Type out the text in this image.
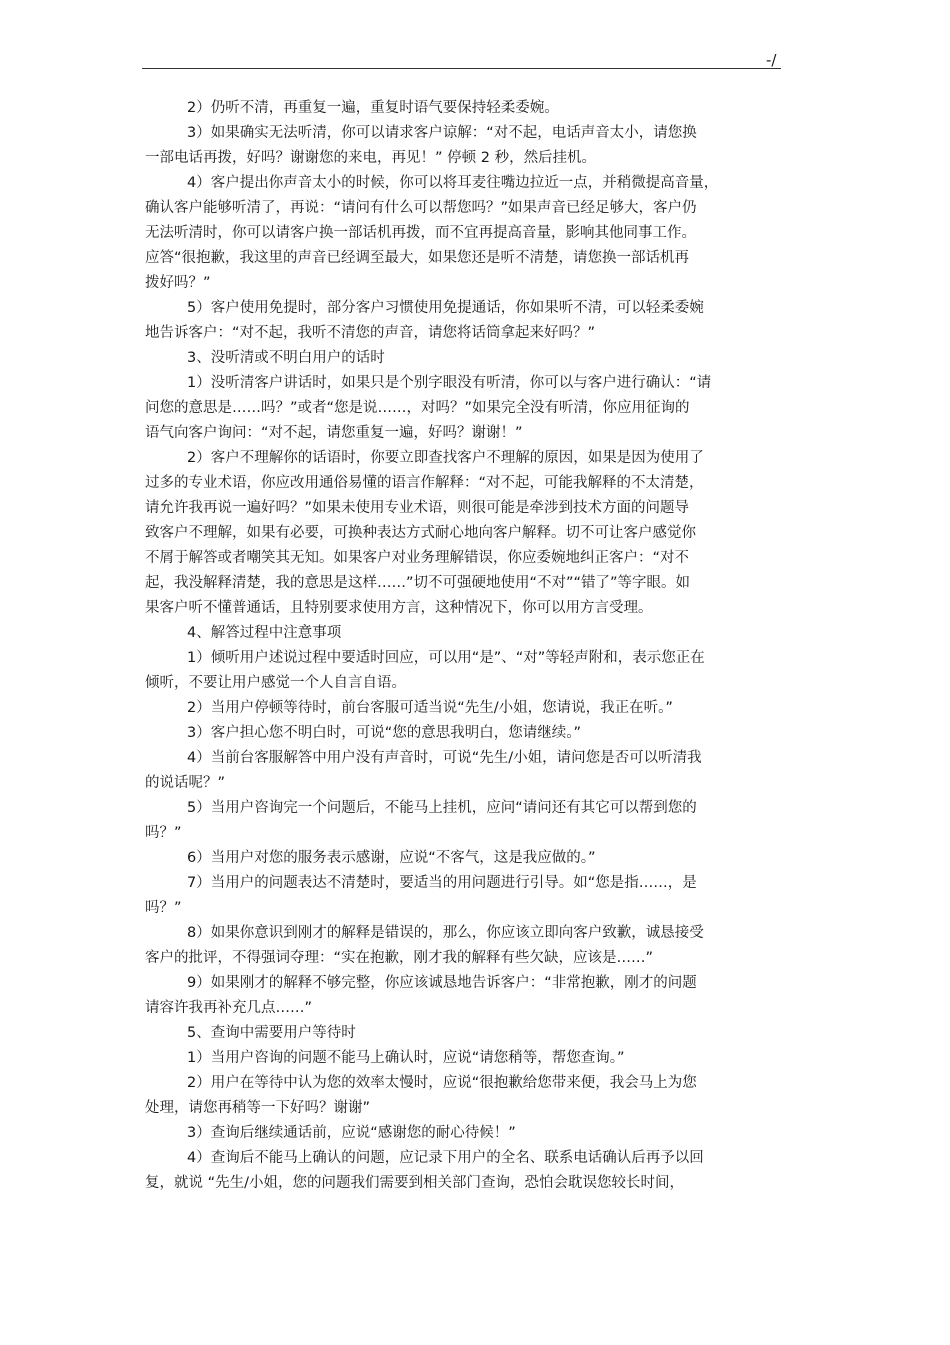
-/
2）仍听不清，再重复一遍，重复时语气要保持轻柔委婉。
3）如果确实无法听清，你可以请求客户谅解：“对不起，电话声音太小，请您换
一部电话再拨，好吗？谢谢您的来电，再见！” 停顿 2 秒，然后挂机。
4）客户提出你声音太小的时候，你可以将耳麦往嘴边拉近一点，并稍微提高音量，
确认客户能够听清了，再说：“请问有什么可以帮您吗？”如果声音已经足够大，客户仍
无法听清时，你可以请客户换一部话机再拨，而不宜再提高音量，影响其他同事工作。
应答“很抱歉，我这里的声音已经调至最大，如果您还是听不清楚，请您换一部话机再
拨好吗？”
5）客户使用免提时，部分客户习惯使用免提通话，你如果听不清，可以轻柔委婉
地告诉客户：“对不起，我听不清您的声音，请您将话筒拿起来好吗？”
3、没听清或不明白用户的话时
1）没听清客户讲话时，如果只是个别字眼没有听清，你可以与客户进行确认：“请
问您的意思是……吗？”或者“您是说……，对吗？”如果完全没有听清，你应用征询的
语气向客户询问：“对不起，请您重复一遍，好吗？谢谢！”
2）客户不理解你的话语时，你要立即查找客户不理解的原因，如果是因为使用了
过多的专业术语，你应改用通俗易懂的语言作解释：“对不起，可能我解释的不太清楚，
请允许我再说一遍好吗？”如果未使用专业术语，则很可能是牵涉到技术方面的问题导
致客户不理解，如果有必要，可换种表达方式耐心地向客户解释。切不可让客户感觉你
不屑于解答或者嘲笑其无知。如果客户对业务理解错误，你应委婉地纠正客户：“对不
起，我没解释清楚，我的意思是这样……”切不可强硬地使用“不对”“错了”等字眼。如
果客户听不懂普通话，且特别要求使用方言，这种情况下，你可以用方言受理。
4、解答过程中注意事项
1）倾听用户述说过程中要适时回应，可以用“是”、“对”等轻声附和，表示您正在
倾听，不要让用户感觉一个人自言自语。
2）当用户停顿等待时，前台客服可适当说“先生/小姐，您请说，我正在听。”
3）客户担心您不明白时，可说“您的意思我明白，您请继续。”
4）当前台客服解答中用户没有声音时，可说“先生/小姐，请问您是否可以听清我
的说话呢？”
5）当用户咨询完一个问题后，不能马上挂机，应问“请问还有其它可以帮到您的
吗？”
6）当用户对您的服务表示感谢，应说“不客气，这是我应做的。”
7）当用户的问题表达不清楚时，要适当的用问题进行引导。如“您是指……，是
吗？”
8）如果你意识到刚才的解释是错误的，那么，你应该立即向客户致歉，诚恳接受
客户的批评，不得强词夺理：“实在抱歉，刚才我的解释有些欠缺，应该是……”
9）如果刚才的解释不够完整，你应该诚恳地告诉客户：“非常抱歉，刚才的问题
请容许我再补充几点……”
5、查询中需要用户等待时
1）当用户咨询的问题不能马上确认时，应说“请您稍等，帮您查询。”
2）用户在等待中认为您的效率太慢时，应说“很抱歉给您带来便，我会马上为您
处理，请您再稍等一下好吗？谢谢”
3）查询后继续通话前，应说“感谢您的耐心待候！”
4）查询后不能马上确认的问题，应记录下用户的全名、联系电话确认后再予以回
复，就说 “先生/小姐，您的问题我们需要到相关部门查询，恐怕会耽误您较长时间，
